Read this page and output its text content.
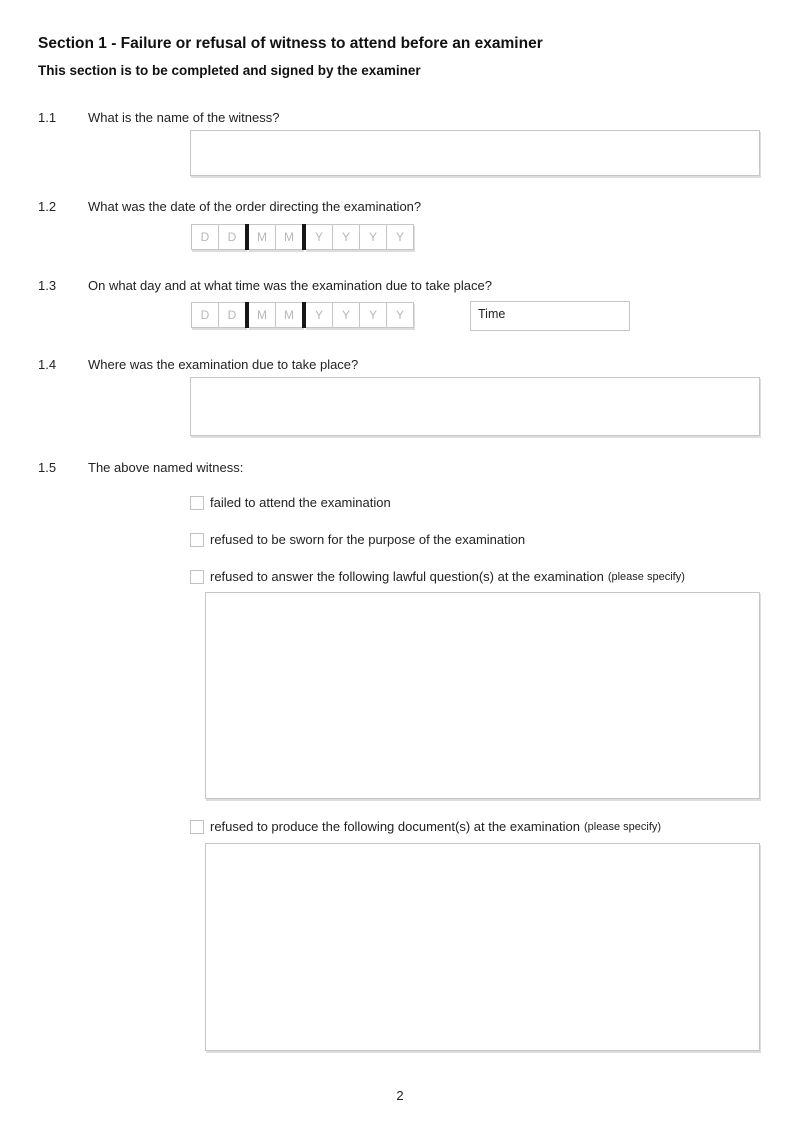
Section 1 - Failure or refusal of witness to attend before an examiner
This section is to be completed and signed by the examiner
1.1 What is the name of the witness?
1.2 What was the date of the order directing the examination?
D
D
M
M
Y
Y
Y
Y
1.3 On what day and at what time was the examination due to take place?
D
D
M
M
Y
Y
Y
Y
Time
1.4 Where was the examination due to take place?
1.5 The above named witness:
failed to attend the examination
refused to be sworn for the purpose of the examination
refused to answer the following lawful question(s) at the examination (please specify)
refused to produce the following document(s) at the examination (please specify)
2
